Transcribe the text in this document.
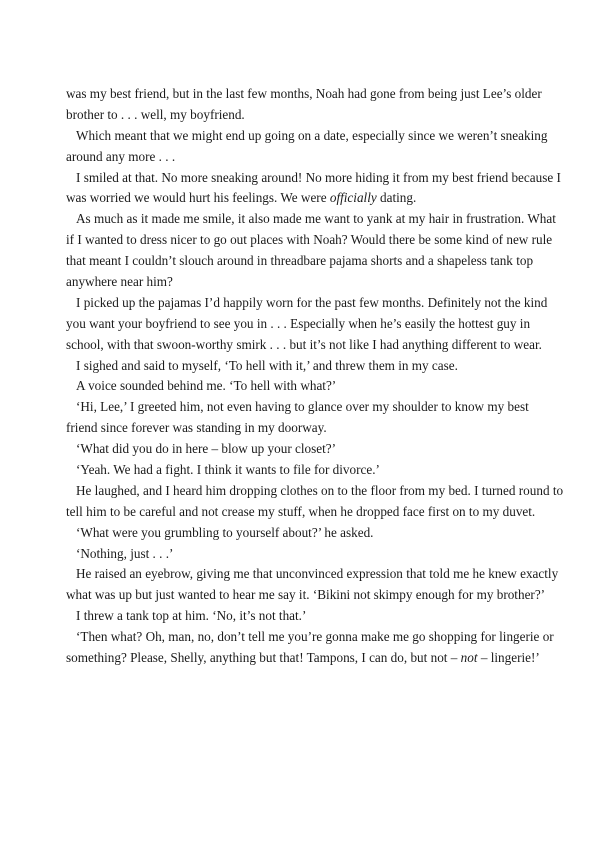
was my best friend, but in the last few months, Noah had gone from being just Lee’s older
brother to . . . well, my boyfriend.
Which meant that we might end up going on a date, especially since we weren’t sneaking
around any more . . .
I smiled at that. No more sneaking around! No more hiding it from my best friend because I
was worried we would hurt his feelings. We were officially dating.
As much as it made me smile, it also made me want to yank at my hair in frustration. What
if I wanted to dress nicer to go out places with Noah? Would there be some kind of new rule
that meant I couldn’t slouch around in threadbare pajama shorts and a shapeless tank top
anywhere near him?
I picked up the pajamas I’d happily worn for the past few months. Definitely not the kind
you want your boyfriend to see you in . . . Especially when he’s easily the hottest guy in
school, with that swoon-worthy smirk . . . but it’s not like I had anything different to wear.
I sighed and said to myself, ‘To hell with it,’ and threw them in my case.
A voice sounded behind me. ‘To hell with what?’
‘Hi, Lee,’ I greeted him, not even having to glance over my shoulder to know my best
friend since forever was standing in my doorway.
‘What did you do in here – blow up your closet?’
‘Yeah. We had a fight. I think it wants to file for divorce.’
He laughed, and I heard him dropping clothes on to the floor from my bed. I turned round to
tell him to be careful and not crease my stuff, when he dropped face first on to my duvet.
‘What were you grumbling to yourself about?’ he asked.
‘Nothing, just . . .’
He raised an eyebrow, giving me that unconvinced expression that told me he knew exactly
what was up but just wanted to hear me say it. ‘Bikini not skimpy enough for my brother?’
I threw a tank top at him. ‘No, it’s not that.’
‘Then what? Oh, man, no, don’t tell me you’re gonna make me go shopping for lingerie or
something? Please, Shelly, anything but that! Tampons, I can do, but not – not – lingerie!’
